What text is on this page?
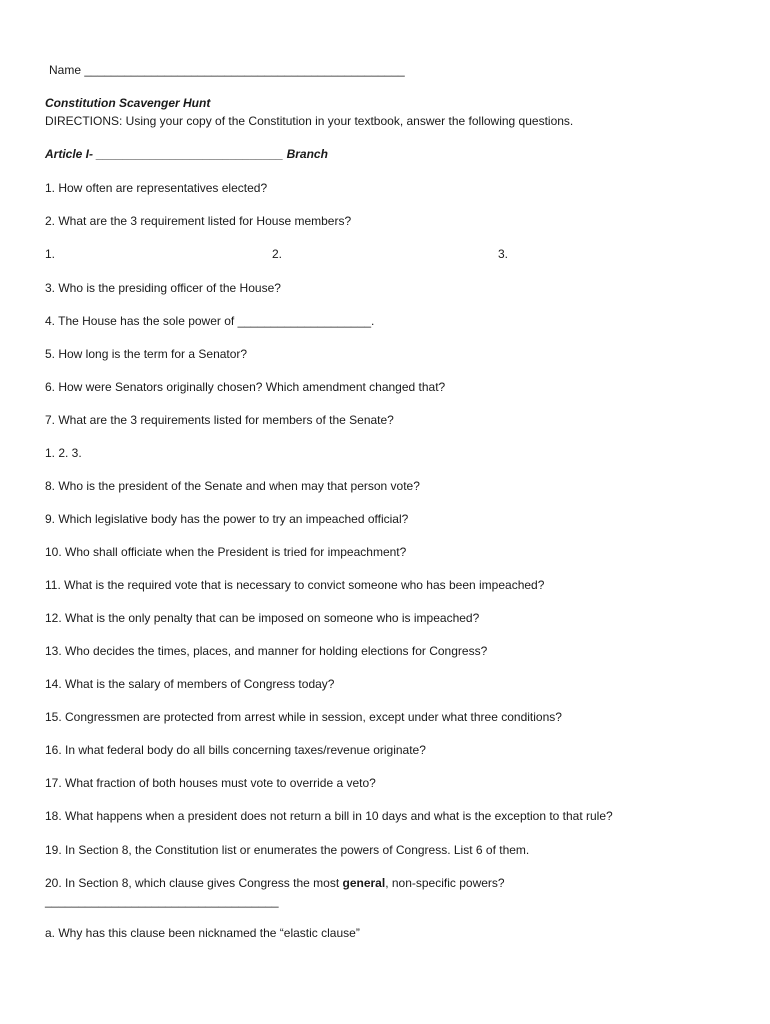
Name ________________________________________________
Constitution Scavenger Hunt
DIRECTIONS: Using your copy of the Constitution in your textbook, answer the following questions.
Article I- ____________________________ Branch
1. How often are representatives elected?
2. What are the 3 requirement listed for House members?
1.	2.	3.
3. Who is the presiding officer of the House?
4. The House has the sole power of ____________________.
5. How long is the term for a Senator?
6. How were Senators originally chosen? Which amendment changed that?
7. What are the 3 requirements listed for members of the Senate?
1. 2. 3.
8. Who is the president of the Senate and when may that person vote?
9. Which legislative body has the power to try an impeached official?
10. Who shall officiate when the President is tried for impeachment?
11. What is the required vote that is necessary to convict someone who has been impeached?
12. What is the only penalty that can be imposed on someone who is impeached?
13. Who decides the times, places, and manner for holding elections for Congress?
14. What is the salary of members of Congress today?
15. Congressmen are protected from arrest while in session, except under what three conditions?
16. In what federal body do all bills concerning taxes/revenue originate?
17. What fraction of both houses must vote to override a veto?
18. What happens when a president does not return a bill in 10 days and what is the exception to that rule?
19. In Section 8, the Constitution list or enumerates the powers of Congress. List 6 of them.
20. In Section 8, which clause gives Congress the most general, non-specific powers?
___________________________________
a. Why has this clause been nicknamed the “elastic clause”
